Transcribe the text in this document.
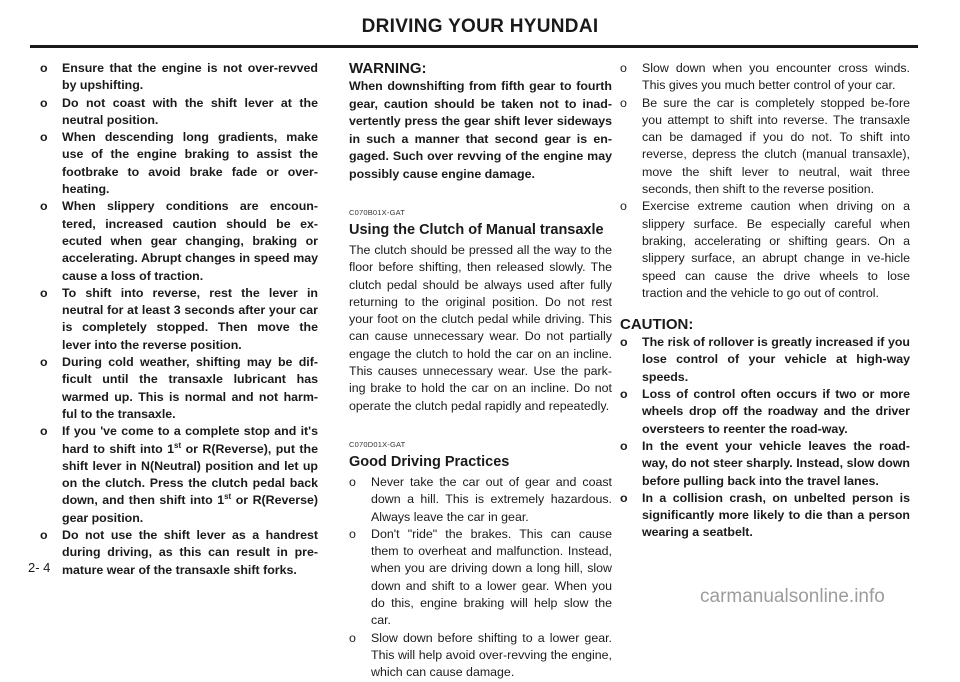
DRIVING YOUR HYUNDAI
o Ensure that the engine is not over-revved by upshifting.
o Do not coast with the shift lever at the neutral position.
o When descending long gradients, make use of the engine braking to assist the footbrake to avoid brake fade or over-heating.
o When slippery conditions are encoun-tered, increased caution should be ex-ecuted when gear changing, braking or accelerating. Abrupt changes in speed may cause a loss of traction.
o To shift into reverse, rest the lever in neutral for at least 3 seconds after your car is completely stopped. Then move the lever into the reverse position.
o During cold weather, shifting may be dif-ficult until the transaxle lubricant has warmed up. This is normal and not harm-ful to the transaxle.
o If you 've come to a complete stop and it's hard to shift into 1st or R(Reverse), put the shift lever in N(Neutral) position and let up on the clutch. Press the clutch pedal back down, and then shift into 1st or R(Reverse) gear position.
o Do not use the shift lever as a handrest during driving, as this can result in pre-mature wear of the transaxle shift forks.
WARNING:
When downshifting from fifth gear to fourth gear, caution should be taken not to inad-vertently press the gear shift lever sideways in such a manner that second gear is en-gaged. Such over revving of the engine may possibly cause engine damage.
C070B01X-GAT
Using the Clutch of Manual transaxle
The clutch should be pressed all the way to the floor before shifting, then released slowly. The clutch pedal should be always used after fully returning to the original position. Do not rest your foot on the clutch pedal while driving. This can cause unnecessary wear. Do not partially engage the clutch to hold the car on an incline. This causes unnecessary wear. Use the park-ing brake to hold the car on an incline. Do not operate the clutch pedal rapidly and repeatedly.
C070D01X-GAT
Good Driving Practices
o Never take the car out of gear and coast down a hill. This is extremely hazardous. Always leave the car in gear.
o Don't "ride" the brakes. This can cause them to overheat and malfunction. Instead, when you are driving down a long hill, slow down and shift to a lower gear. When you do this, engine braking will help slow the car.
o Slow down before shifting to a lower gear. This will help avoid over-revving the engine, which can cause damage.
o Slow down when you encounter cross winds. This gives you much better control of your car.
o Be sure the car is completely stopped be-fore you attempt to shift into reverse. The transaxle can be damaged if you do not. To shift into reverse, depress the clutch (manual transaxle), move the shift lever to neutral, wait three seconds, then shift to the reverse position.
o Exercise extreme caution when driving on a slippery surface. Be especially careful when braking, accelerating or shifting gears. On a slippery surface, an abrupt change in ve-hicle speed can cause the drive wheels to lose traction and the vehicle to go out of control.
CAUTION:
o The risk of rollover is greatly increased if you lose control of your vehicle at high-way speeds.
o Loss of control often occurs if two or more wheels drop off the roadway and the driver oversteers to reenter the road-way.
o In the event your vehicle leaves the road-way, do not steer sharply. Instead, slow down before pulling back into the travel lanes.
o In a collision crash, on unbelted person is significantly more likely to die than a person wearing a seatbelt.
2- 4
carmanualsonline.info
